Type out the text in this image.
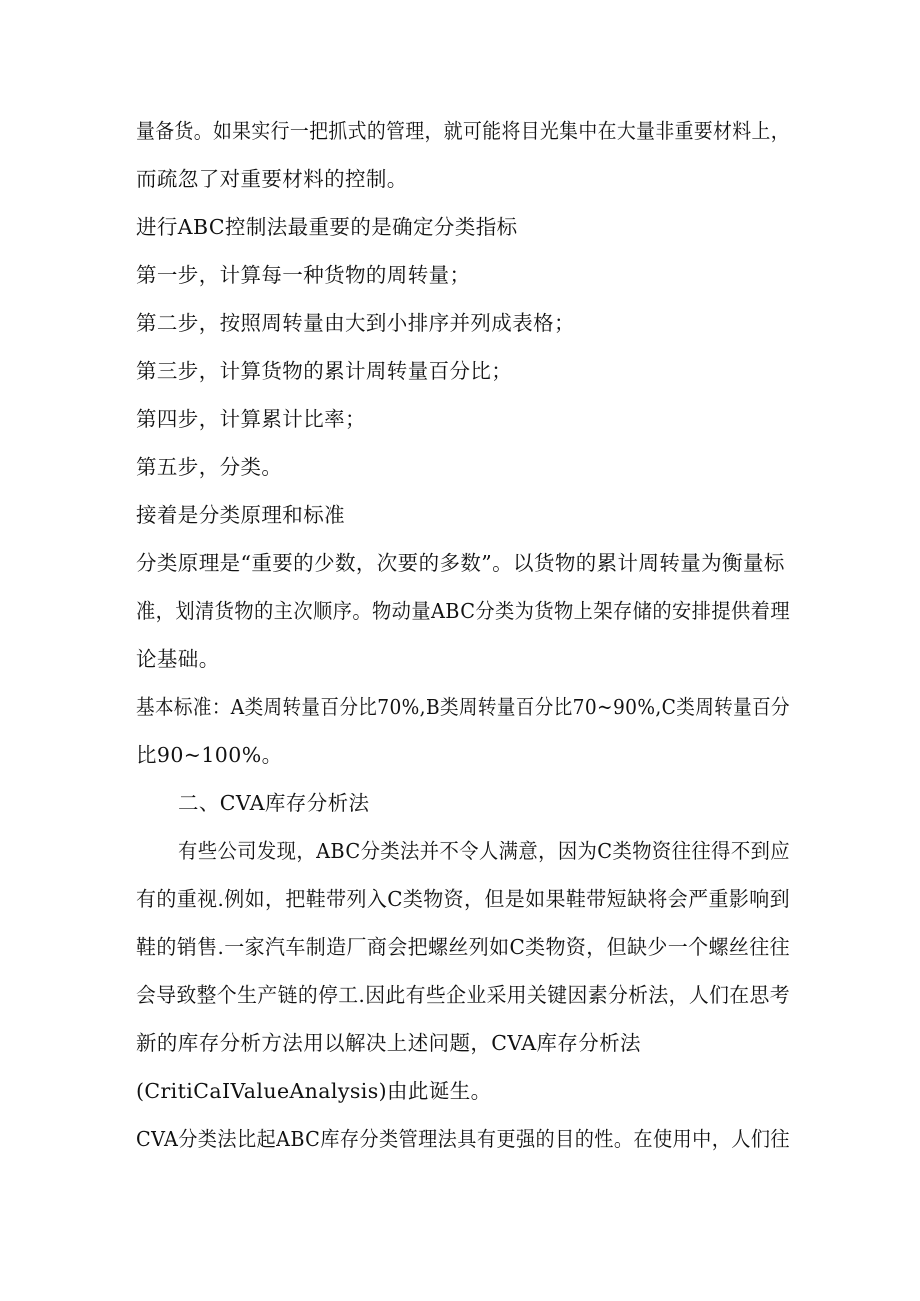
量备货。如果实行一把抓式的管理，就可能将目光集中在大量非重要材料上，
而疏忽了对重要材料的控制。
进行ABC控制法最重要的是确定分类指标
第一步，计算每一种货物的周转量；
第二步，按照周转量由大到小排序并列成表格；
第三步，计算货物的累计周转量百分比；
第四步，计算累计比率；
第五步，分类。
接着是分类原理和标准
分类原理是“重要的少数，次要的多数”。以货物的累计周转量为衡量标
准，划清货物的主次顺序。物动量ABC分类为货物上架存储的安排提供着理
论基础。
基本标准：A类周转量百分比70%,B类周转量百分比70~90%,C类周转量百分
比90~100%。
二、CVA库存分析法
有些公司发现，ABC分类法并不令人满意，因为C类物资往往得不到应
有的重视.例如，把鞋带列入C类物资，但是如果鞋带短缺将会严重影响到
鞋的销售.一家汽车制造厂商会把螺丝列如C类物资，但缺少一个螺丝往往
会导致整个生产链的停工.因此有些企业采用关键因素分析法，人们在思考
新的库存分析方法用以解决上述问题，CVA库存分析法
(CritiCaIValueAnalysis)由此诞生。
CVA分类法比起ABC库存分类管理法具有更强的目的性。在使用中，人们往
